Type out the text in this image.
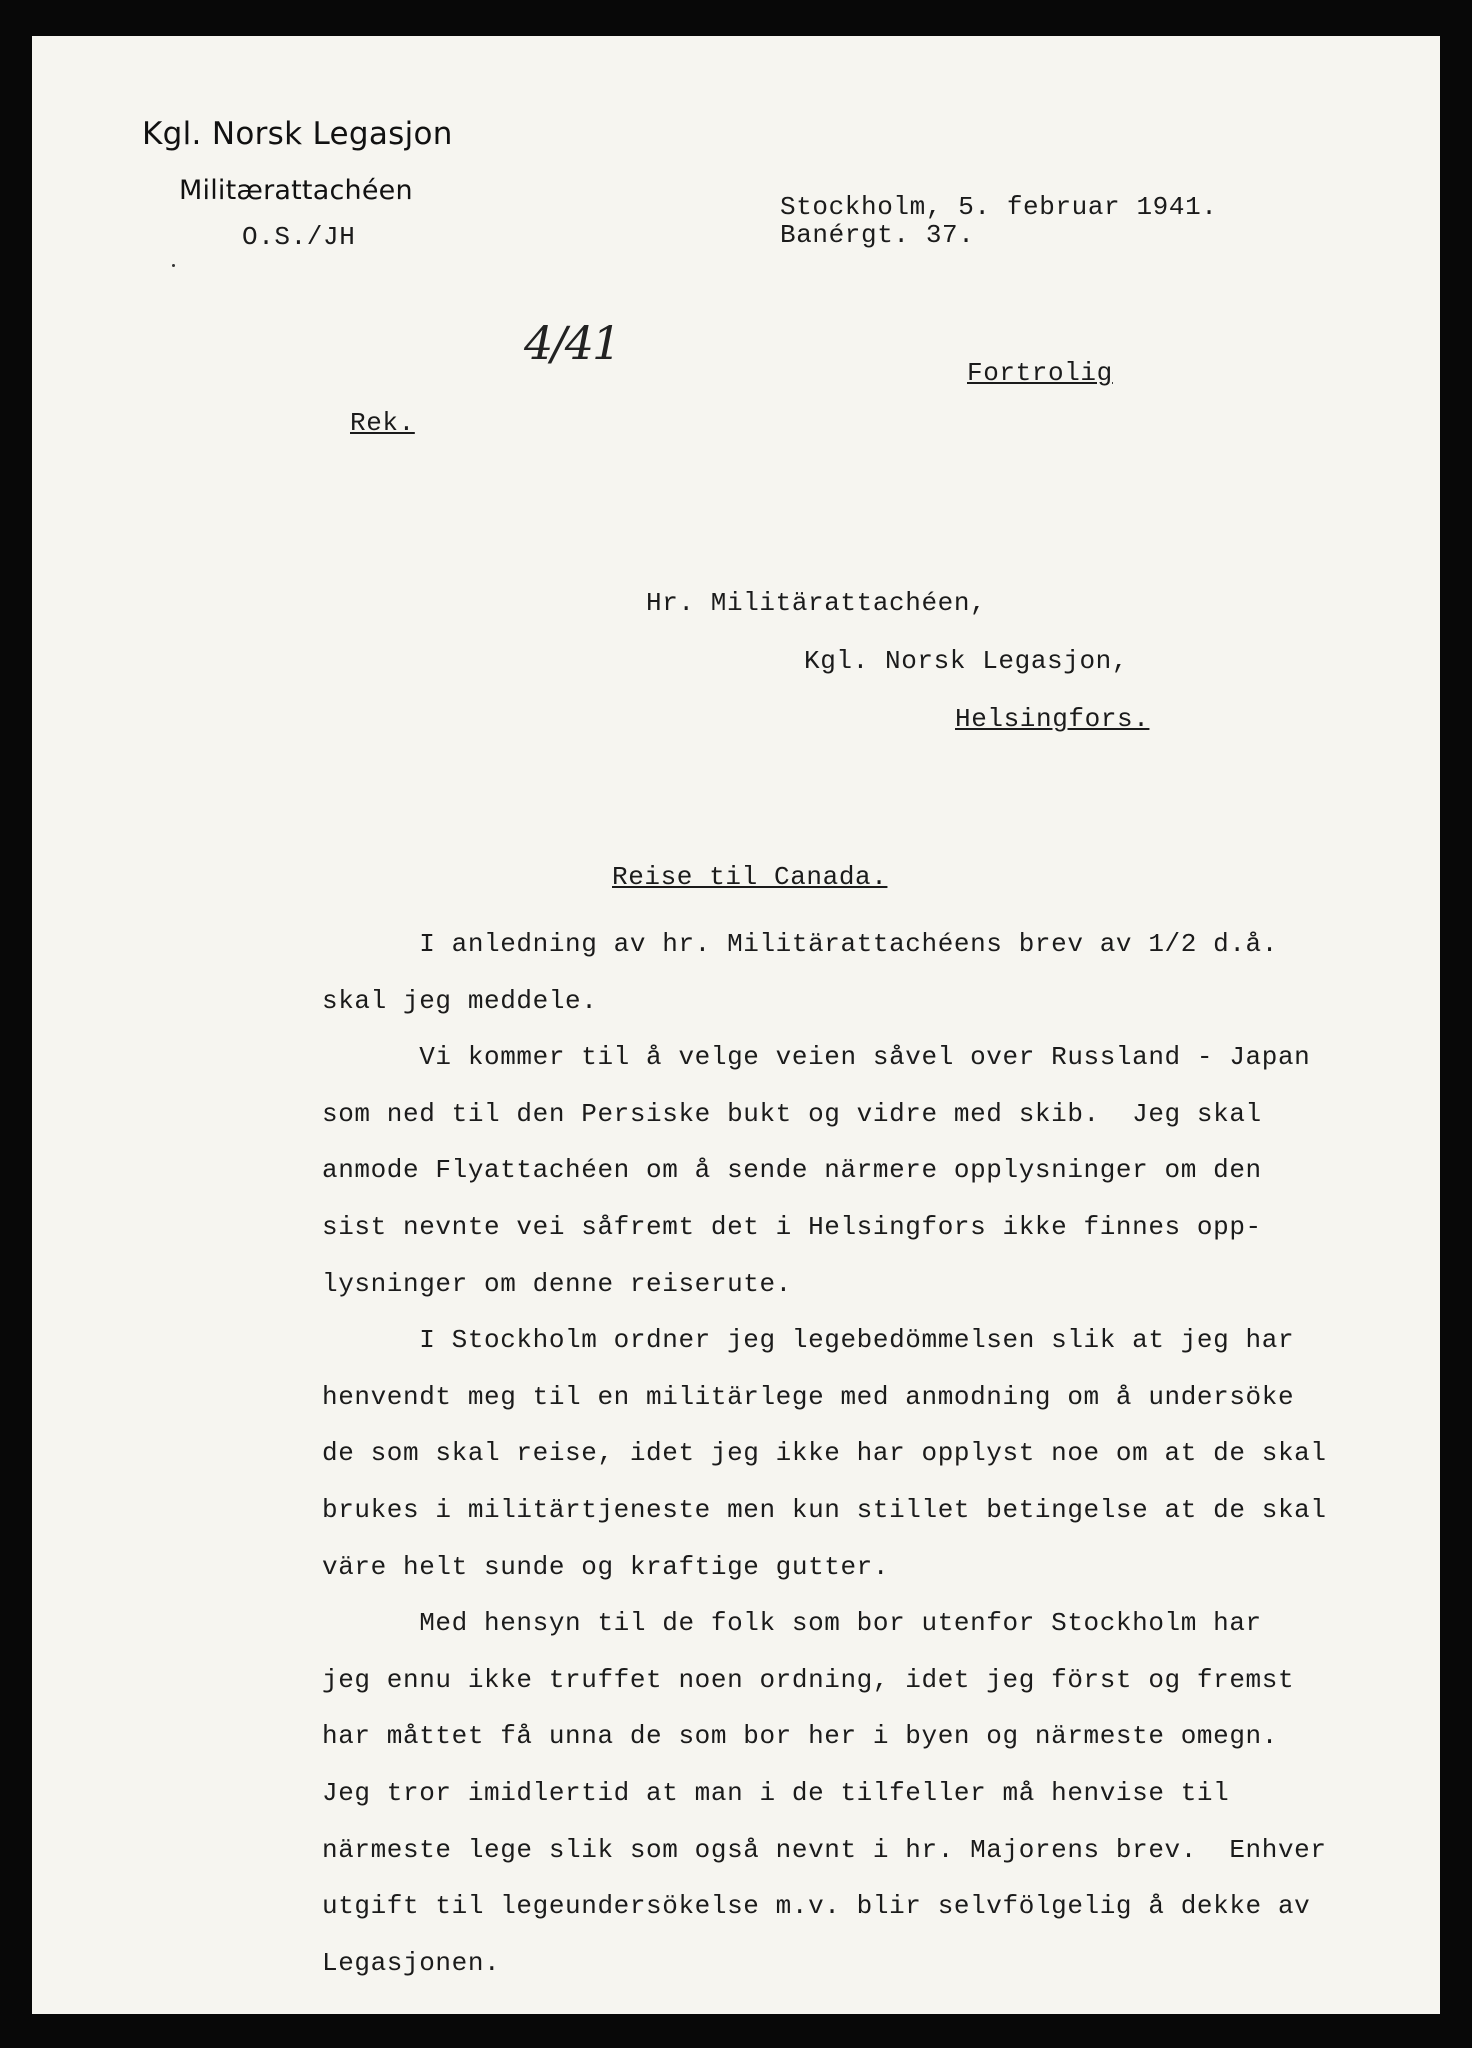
Kgl. Norsk Legasjon
Militærattachéen
O.S./JH
Stockholm, 5. februar 1941.
Banérgt. 37.
4/41
Fortrolig
Rek.
Hr. Militärattachéen,
Kgl. Norsk Legasjon,
Helsingfors.
Reise til Canada.
I anledning av hr. Militärattachéens brev av 1/2 d.å.
skal jeg meddele.
Vi kommer til å velge veien såvel over Russland - Japan
som ned til den Persiske bukt og vidre med skib.  Jeg skal
anmode Flyattachéen om å sende närmere opplysninger om den
sist nevnte vei såfremt det i Helsingfors ikke finnes opp-
lysninger om denne reiserute.
I Stockholm ordner jeg legebedömmelsen slik at jeg har
henvendt meg til en militärlege med anmodning om å undersöke
de som skal reise, idet jeg ikke har opplyst noe om at de skal
brukes i militärtjeneste men kun stillet betingelse at de skal
väre helt sunde og kraftige gutter.
Med hensyn til de folk som bor utenfor Stockholm har
jeg ennu ikke truffet noen ordning, idet jeg först og fremst
har måttet få unna de som bor her i byen og närmeste omegn.
Jeg tror imidlertid at man i de tilfeller må henvise til
närmeste lege slik som også nevnt i hr. Majorens brev.  Enhver
utgift til legeundersökelse m.v. blir selvfölgelig å dekke av
Legasjonen.
